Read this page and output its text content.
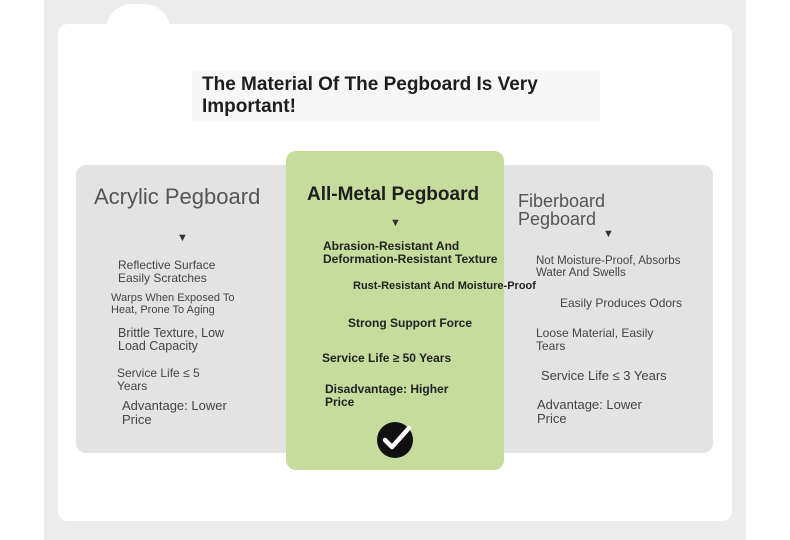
The Material Of The Pegboard Is Very Important!
Acrylic Pegboard
▼
Reflective Surface Easily Scratches
Warps When Exposed To Heat, Prone To Aging
Brittle Texture, Low Load Capacity
Service Life ≤ 5 Years
Advantage: Lower Price
All-Metal Pegboard
▼
Abrasion-Resistant And Deformation-Resistant Texture
Rust-Resistant And Moisture-Proof
Strong Support Force
Service Life ≥ 50 Years
Disadvantage: Higher Price
Fiberboard Pegboard
▼
Not Moisture-Proof, Absorbs Water And Swells
Easily Produces Odors
Loose Material, Easily Tears
Service Life ≤ 3 Years
Advantage: Lower Price
